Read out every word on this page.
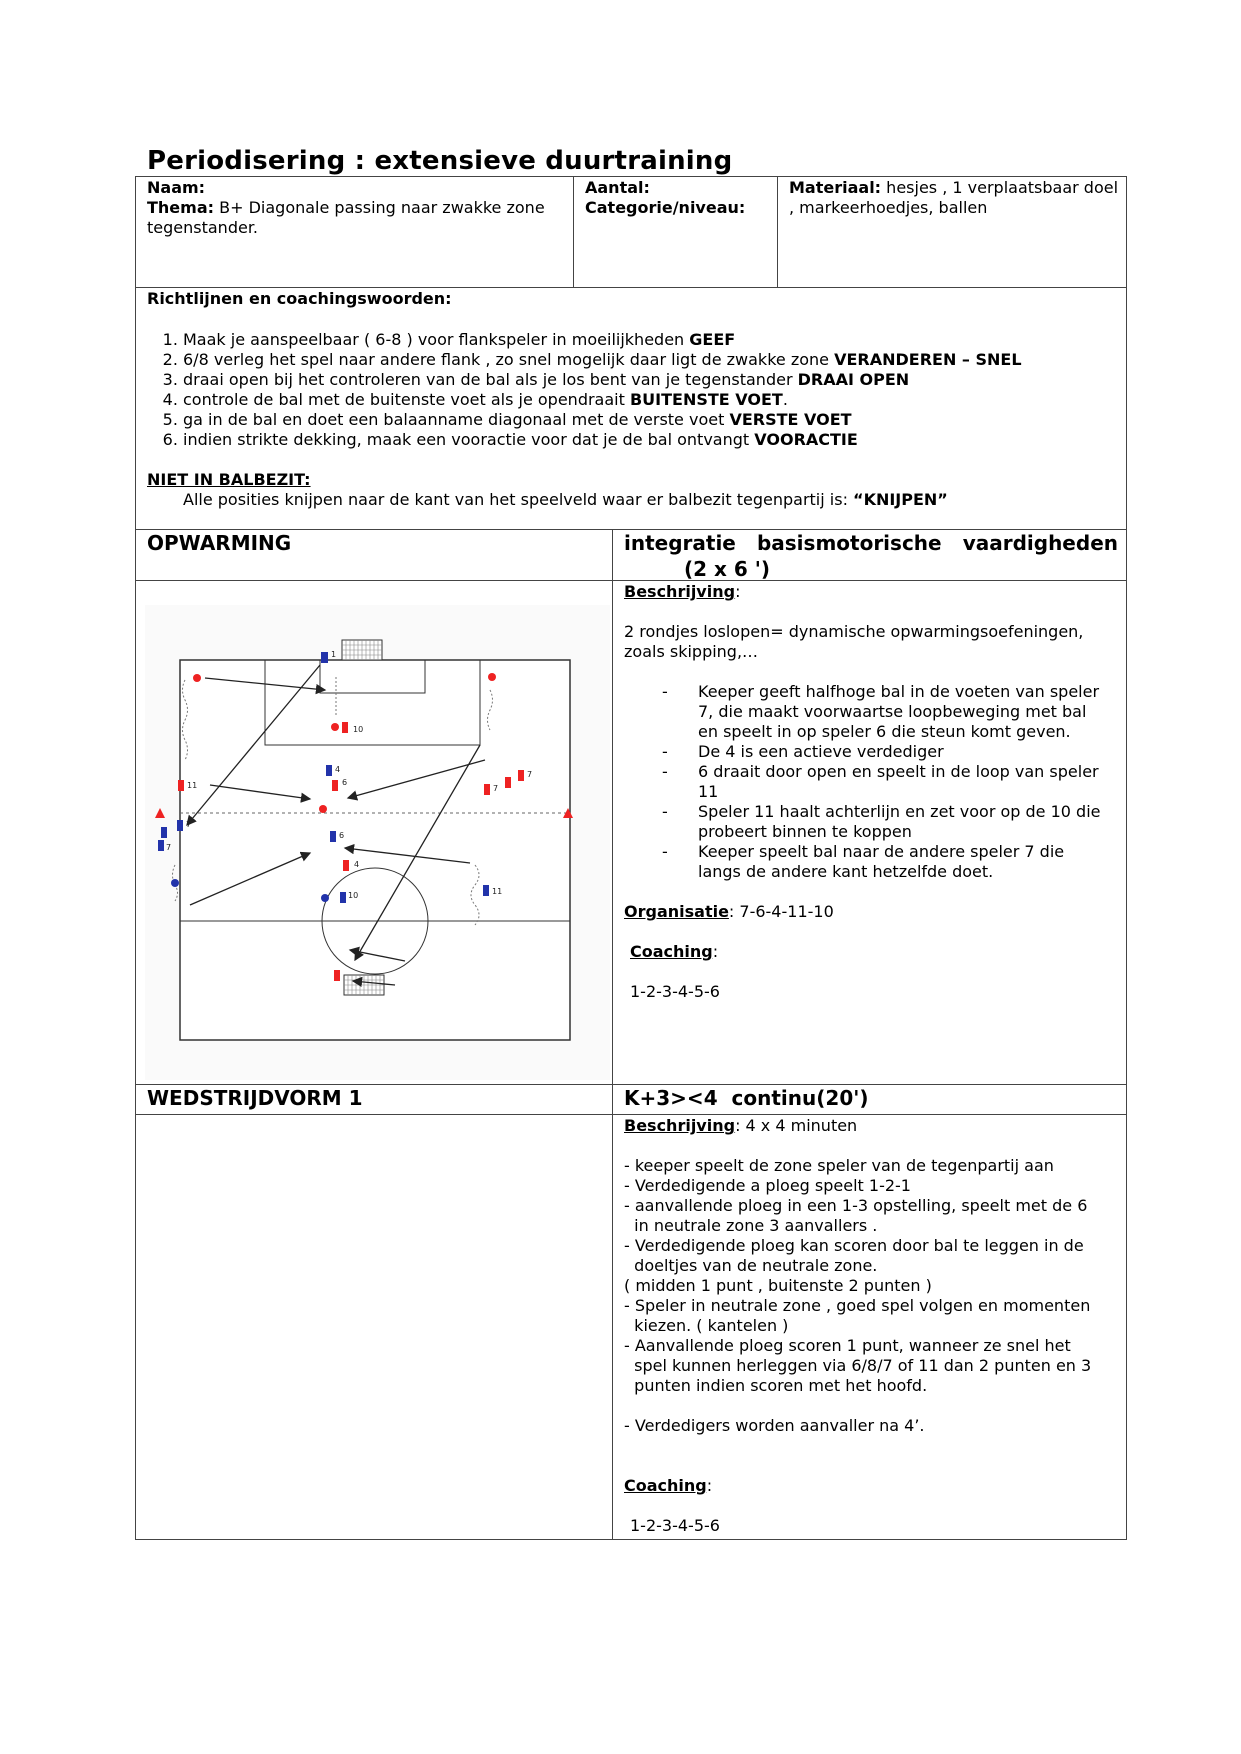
Periodisering : extensieve duurtraining
Naam:
Thema: B+ Diagonale passing naar zwakke zone tegenstander.
Aantal:
Categorie/niveau:
Materiaal: hesjes , 1 verplaatsbaar doel , markeerhoedjes, ballen
Richtlijnen en coachingswoorden:
1. Maak je aanspeelbaar ( 6-8 ) voor flankspeler in moeilijkheden GEEF
2. 6/8 verleg het spel naar andere flank , zo snel mogelijk daar ligt de zwakke zone VERANDEREN – SNEL
3. draai open bij het controleren van de bal als je los bent van je tegenstander DRAAI OPEN
4. controle de bal met de buitenste voet als je opendraait BUITENSTE VOET.
5. ga in de bal en doet een balaanname diagonaal met de verste voet VERSTE VOET
6. indien strikte dekking, maak een vooractie voor dat je de bal ontvangt VOORACTIE
NIET IN BALBEZIT:
Alle posities knijpen naar de kant van het speelveld waar er balbezit tegenpartij is: “KNIJPEN”
OPWARMING	integratie basismotorische vaardigheden
(2 x 6 ')
1
10
4
6
11
7
7
7
6
4
11
10
7
Beschrijving:
2 rondjes loslopen= dynamische opwarmingsoefeningen,
zoals skipping,…
- Keeper geeft halfhoge bal in de voeten van speler
7, die maakt voorwaartse loopbeweging met bal
en speelt in op speler 6 die steun komt geven.
- De 4 is een actieve verdediger
- 6 draait door open en speelt in de loop van speler
11
- Speler 11 haalt achterlijn en zet voor op de 10 die
probeert binnen te koppen
- Keeper speelt bal naar de andere speler 7 die
langs de andere kant hetzelfde doet.
Organisatie: 7-6-4-11-10
Coaching:
1-2-3-4-5-6
WEDSTRIJDVORM 1	K+3><4  continu(20')
Beschrijving: 4 x 4 minuten
- keeper speelt de zone speler van de tegenpartij aan
- Verdedigende a ploeg speelt 1-2-1
- aanvallende ploeg in een 1-3 opstelling, speelt met de 6
in neutrale zone 3 aanvallers .
- Verdedigende ploeg kan scoren door bal te leggen in de
doeltjes van de neutrale zone.
( midden 1 punt , buitenste 2 punten )
- Speler in neutrale zone , goed spel volgen en momenten
kiezen. ( kantelen )
- Aanvallende ploeg scoren 1 punt, wanneer ze snel het
spel kunnen herleggen via 6/8/7 of 11 dan 2 punten en 3
punten indien scoren met het hoofd.
- Verdedigers worden aanvaller na 4’.
Coaching:
1-2-3-4-5-6
